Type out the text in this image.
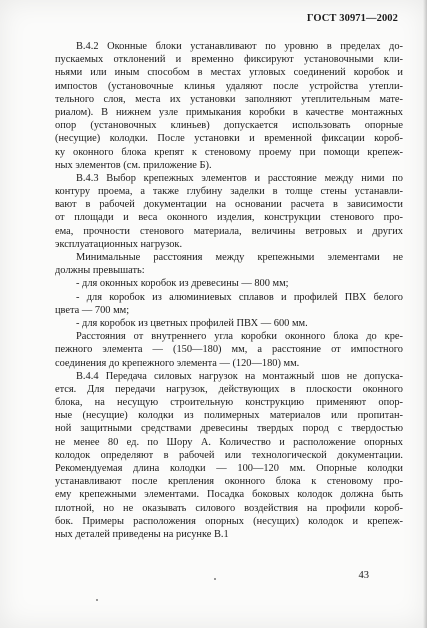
ГОСТ 30971—2002
В.4.2 Оконные блоки устанавливают по уровню в пределах до-
пускаемых отклонений и временно фиксируют установочными кли-
ньями или иным способом в местах угловых соединений коробок и
импостов (установочные клинья удаляют после устройства утепли-
тельного слоя, места их установки заполняют утеплительным мате-
риалом). В нижнем узле примыкания коробки в качестве монтажных
опор (установочных клиньев) допускается использовать опорные
(несущие) колодки. После установки и временной фиксации короб-
ку оконного блока крепят к стеновому проему при помощи крепеж-
ных элементов (см. приложение Б).
В.4.3 Выбор крепежных элементов и расстояние между ними по
контуру проема, а также глубину заделки в толще стены устанавли-
вают в рабочей документации на основании расчета в зависимости
от площади и веса оконного изделия, конструкции стенового про-
ема, прочности стенового материала, величины ветровых и других
эксплуатационных нагрузок.
Минимальные расстояния между крепежными элементами не
должны превышать:
- для оконных коробок из древесины — 800 мм;
- для коробок из алюминиевых сплавов и профилей ПВХ белого
цвета — 700 мм;
- для коробок из цветных профилей ПВХ — 600 мм.
Расстояния от внутреннего угла коробки оконного блока до кре-
пежного элемента — (150—180) мм, а расстояние от импостного
соединения до крепежного элемента — (120—180) мм.
В.4.4 Передача силовых нагрузок на монтажный шов не допуска-
ется. Для передачи нагрузок, действующих в плоскости оконного
блока, на несущую строительную конструкцию применяют опор-
ные (несущие) колодки из полимерных материалов или пропитан-
ной защитными средствами древесины твердых пород с твердостью
не менее 80 ед. по Шору А. Количество и расположение опорных
колодок определяют в рабочей или технологической документации.
Рекомендуемая длина колодки — 100—120 мм. Опорные колодки
устанавливают после крепления оконного блока к стеновому про-
ему крепежными элементами. Посадка боковых колодок должна быть
плотной, но не оказывать силового воздействия на профили короб-
бок. Примеры расположения опорных (несущих) колодок и крепеж-
ных деталей приведены на рисунке В.1
43
